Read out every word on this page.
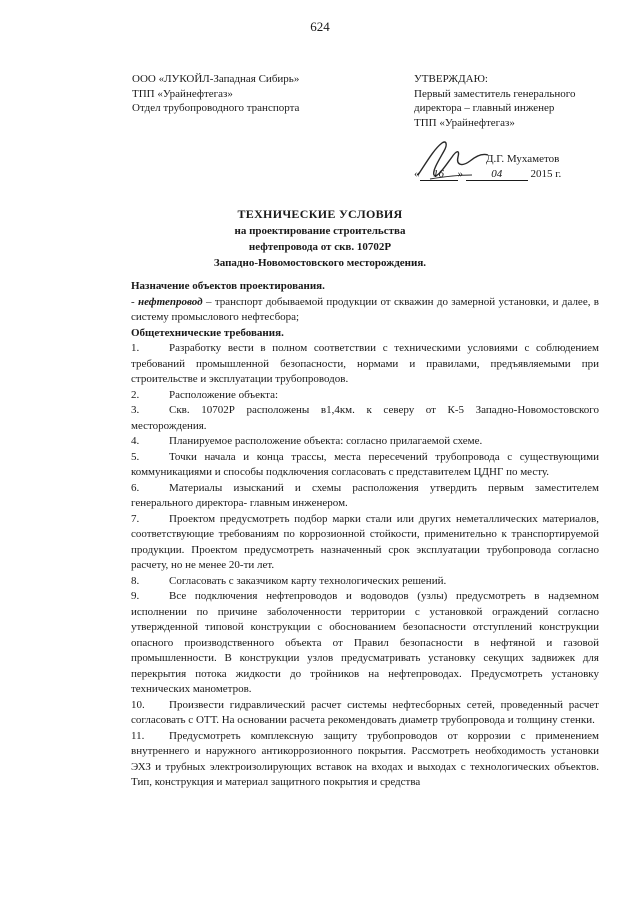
624
ООО «ЛУКОЙЛ-Западная Сибирь»
ТПП «Урайнефтегаз»
Отдел трубопроводного транспорта
УТВЕРЖДАЮ:
Первый заместитель генерального
директора – главный инженер
ТПП «Урайнефтегаз»
Д.Г. Мухаметов
« 16 »	04	2015 г.
ТЕХНИЧЕСКИЕ УСЛОВИЯ
на проектирование строительства
нефтепровода от скв. 10702Р
Западно-Новомостовского месторождения.

Назначение объектов проектирования.

- нефтепровод – транспорт добываемой продукции от скважин до замерной установки, и далее, в систему промыслового нефтесбора;

Общетехнические требования.

1.	Разработку вести в полном соответствии с техническими условиями с соблюдением требований промышленной безопасности, нормами и правилами, предъявляемыми при строительстве и эксплуатации трубопроводов.

2.	Расположение объекта:

3.	Скв. 10702Р расположены в1,4км. к северу от К-5 Западно-Новомостовского месторождения.

4.	Планируемое расположение объекта: согласно прилагаемой схеме.

5.	Точки начала и конца трассы, места пересечений трубопровода с существующими коммуникациями и способы подключения согласовать с представителем ЦДНГ по месту.

6.	Материалы изысканий и схемы расположения утвердить первым заместителем генерального директора- главным инженером.

7.	Проектом предусмотреть подбор марки стали или других неметаллических материалов, соответствующие требованиям по коррозионной стойкости, применительно к транспортируемой продукции. Проектом предусмотреть назначенный срок эксплуатации трубопровода согласно расчету, но не менее 20-ти лет.

8.	Согласовать с заказчиком карту технологических решений.

9.	Все подключения нефтепроводов и водоводов (узлы) предусмотреть в надземном исполнении по причине заболоченности территории с установкой ограждений согласно утвержденной типовой конструкции с обоснованием безопасности отступлений конструкции опасного производственного объекта от Правил безопасности в нефтяной и газовой промышленности. В конструкции узлов предусматривать установку секущих задвижек для перекрытия потока жидкости до тройников на нефтепроводах. Предусмотреть установку технических манометров.

10. Произвести гидравлический расчет системы нефтесборных сетей, проведенный расчет согласовать с ОТТ. На основании расчета рекомендовать диаметр трубопровода и толщину стенки.

11. Предусмотреть комплексную защиту трубопроводов от коррозии с применением внутреннего и наружного антикоррозионного покрытия. Рассмотреть необходимость установки ЭХЗ и трубных электроизолирующих вставок на входах и выходах с технологических объектов. Тип, конструкция и материал защитного покрытия и средства
